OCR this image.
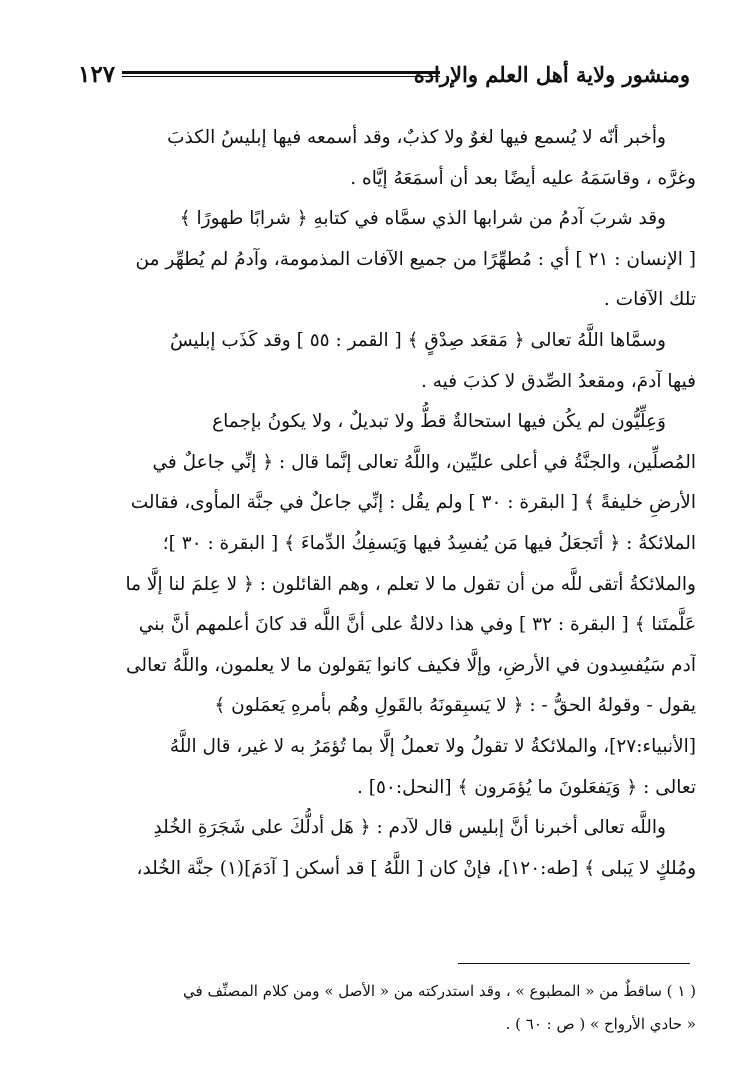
ومنشور ولاية أهل العلم والإرادة
١٢٧
وأخبر أنّه لا يُسمع فيها لغوٌ ولا كذبٌ، وقد أسمعه فيها إبليسُ الكذبَ
وغرَّه ، وقاسَمَهُ عليه أيضًا بعد أن أسمَعَهُ إيَّاه .
وقد شربَ آدمُ من شرابها الذي سمَّاه في كتابهِ ﴿ شرابًا طهورًا ﴾
[ الإنسان : ٢١ ] أي : مُطهِّرًا من جميع الآفات المذمومة، وآدمُ لم يُطهِّر من
تلك الآفات .
وسمَّاها اللَّهُ تعالى ﴿ مَقعَد صِدْقٍ ﴾ [ القمر : ٥٥ ] وقد كَذَب إبليسُ
فيها آدمَ، ومقعدُ الصِّدق لا كذبَ فيه .
وَعِلِّيُّون لم يكُن فيها استحالةٌ قطُّ ولا تبديلٌ ، ولا يكونُ بإجماع
المُصلِّين، والجنَّةُ في أعلى عليِّين، واللَّهُ تعالى إنَّما قال : ﴿ إنِّي جاعلٌ في
الأرضِ خليفةً ﴾ [ البقرة : ٣٠ ] ولم يقُل : إنِّي جاعلٌ في جنَّة المأوى، فقالت
الملائكةُ : ﴿ أتَجعَلُ فيها مَن يُفسِدُ فيها وَيَسفِكُ الدِّماءَ ﴾ [ البقرة : ٣٠ ]؛
والملائكةُ أتقى للَّه من أن تقول ما لا تعلم ، وهم القائلون : ﴿ لا عِلمَ لنا إلَّا ما
عَلَّمتَنا ﴾ [ البقرة : ٣٢ ] وفي هذا دلالةٌ على أنَّ اللَّه قد كانَ أعلمهم أنَّ بني
آدم سَيُفسِدون في الأرضِ، وإلَّا فكيف كانوا يَقولون ما لا يعلمون، واللَّهُ تعالى
يقول - وقولهُ الحقُّ - : ﴿ لا يَسبِقونَهُ بالقَولِ وهُم بأمرهِ يَعمَلون ﴾
[الأنبياء:٢٧]، والملائكةُ لا تقولُ ولا تعملُ إلَّا بما تُؤمَرُ به لا غير، قال اللَّهُ
تعالى : ﴿ وَيَفعَلونَ ما يُؤمَرون ﴾ [النحل:٥٠] .
واللَّه تعالى أخبرنا أنَّ إبليس قال لآدم : ﴿ هَل أدلُّكَ على شَجَرَةِ الخُلدِ
ومُلكٍ لا يَبلى ﴾ [طه:١٢٠]، فإنْ كان [ اللَّهُ ] قد أسكن [ آدَمَ](١) جنَّة الخُلد،
( ١ ) ساقطٌ من « المطبوع » ، وقد استدركته من « الأصل » ومن كلام المصنِّف في
« حادي الأرواح » ( ص : ٦٠ ) .
